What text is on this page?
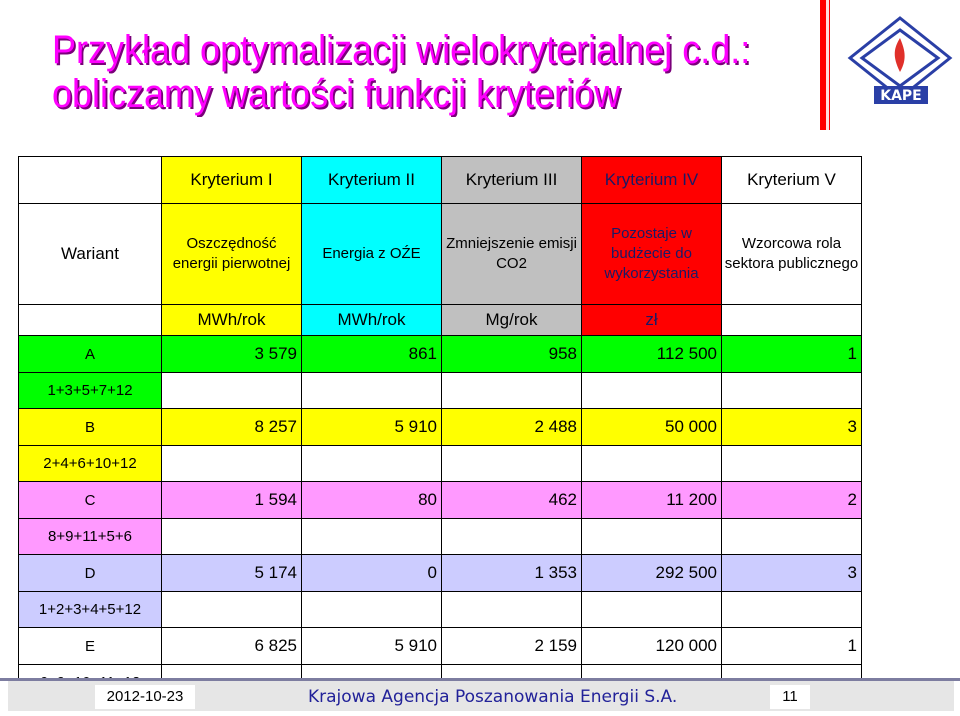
Przykład optymalizacji wielokryterialnej c.d.:
obliczamy wartości funkcji kryteriów	KAPE
	Kryterium I	Kryterium II	Kryterium III	Kryterium IV	Kryterium V
Wariant	Oszczędność energii pierwotnej	Energia z OŹE	Zmniejszenie emisji CO2	Pozostaje w budżecie do wykorzystania	Wzorcowa rola sektora publicznego
	MWh/rok	MWh/rok	Mg/rok	zł	
A	3 579	861	958	112 500	1
1+3+5+7+12					
B	8 257	5 910	2 488	50 000	3
2+4+6+10+12					
C	1 594	80	462	11 200	2
8+9+11+5+6					
D	5 174	0	1 353	292 500	3
1+2+3+4+5+12					
E	6 825	5 910	2 159	120 000	1

2012-10-23	Krajowa Agencja Poszanowania Energii S.A.	11
